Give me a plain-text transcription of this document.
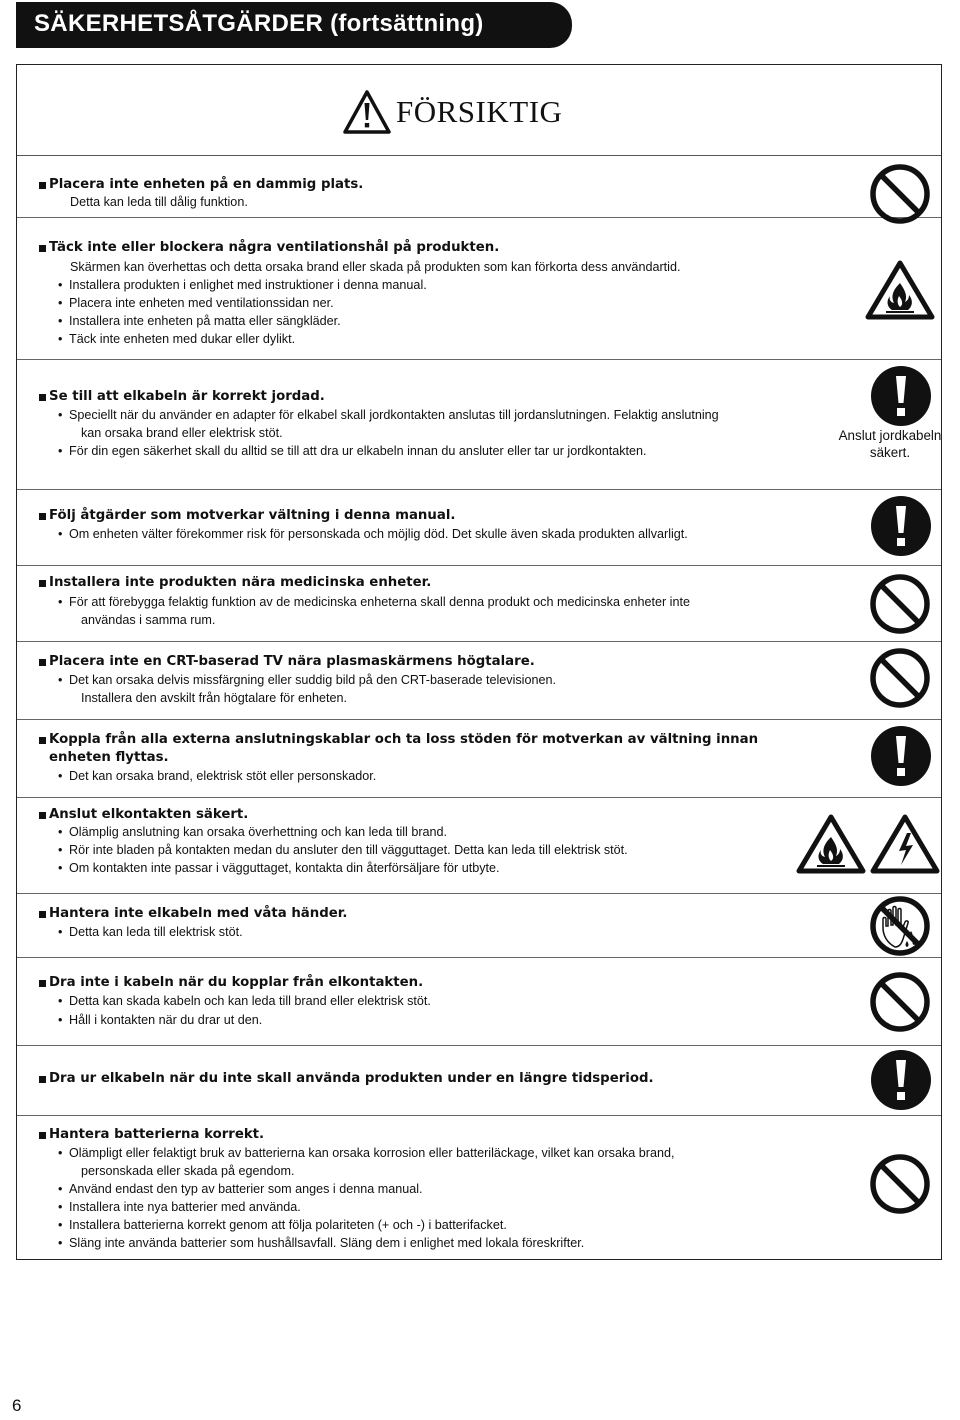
SÄKERHETSÅTGÄRDER (fortsättning)
FÖRSIKTIG
Placera inte enheten på en dammig plats.
Detta kan leda till dålig funktion.
Täck inte eller blockera några ventilationshål på produkten.
Skärmen kan överhettas och detta orsaka brand eller skada på produkten som kan förkorta dess användartid.
• Installera produkten i enlighet med instruktioner i denna manual.
• Placera inte enheten med ventilationssidan ner.
• Installera inte enheten på matta eller sängkläder.
• Täck inte enheten med dukar eller dylikt.
Se till att elkabeln är korrekt jordad.
• Speciellt när du använder en adapter för elkabel skall jordkontakten anslutas till jordanslutningen. Felaktig anslutning
kan orsaka brand eller elektrisk stöt.
• För din egen säkerhet skall du alltid se till att dra ur elkabeln innan du ansluter eller tar ur jordkontakten.
Anslut jordkabeln
säkert.
Följ åtgärder som motverkar vältning i denna manual.
• Om enheten välter förekommer risk för personskada och möjlig död. Det skulle även skada produkten allvarligt.
Installera inte produkten nära medicinska enheter.
• För att förebygga felaktig funktion av de medicinska enheterna skall denna produkt och medicinska enheter inte
användas i samma rum.
Placera inte en CRT-baserad TV nära plasmaskärmens högtalare.
• Det kan orsaka delvis missfärgning eller suddig bild på den CRT-baserade televisionen.
Installera den avskilt från högtalare för enheten.
Koppla från alla externa anslutningskablar och ta loss stöden för motverkan av vältning innan
enheten flyttas.
• Det kan orsaka brand, elektrisk stöt eller personskador.
Anslut elkontakten säkert.
• Olämplig anslutning kan orsaka överhettning och kan leda till brand.
• Rör inte bladen på kontakten medan du ansluter den till vägguttaget. Detta kan leda till elektrisk stöt.
• Om kontakten inte passar i vägguttaget, kontakta din återförsäljare för utbyte.
Hantera inte elkabeln med våta händer.
• Detta kan leda till elektrisk stöt.
Dra inte i kabeln när du kopplar från elkontakten.
• Detta kan skada kabeln och kan leda till brand eller elektrisk stöt.
• Håll i kontakten när du drar ut den.
Dra ur elkabeln när du inte skall använda produkten under en längre tidsperiod.
Hantera batterierna korrekt.
• Olämpligt eller felaktigt bruk av batterierna kan orsaka korrosion eller batteriläckage, vilket kan orsaka brand,
personskada eller skada på egendom.
• Använd endast den typ av batterier som anges i denna manual.
• Installera inte nya batterier med använda.
• Installera batterierna korrekt genom att följa polariteten (+ och -) i batterifacket.
• Släng inte använda batterier som hushållsavfall. Släng dem i enlighet med lokala föreskrifter.
6
